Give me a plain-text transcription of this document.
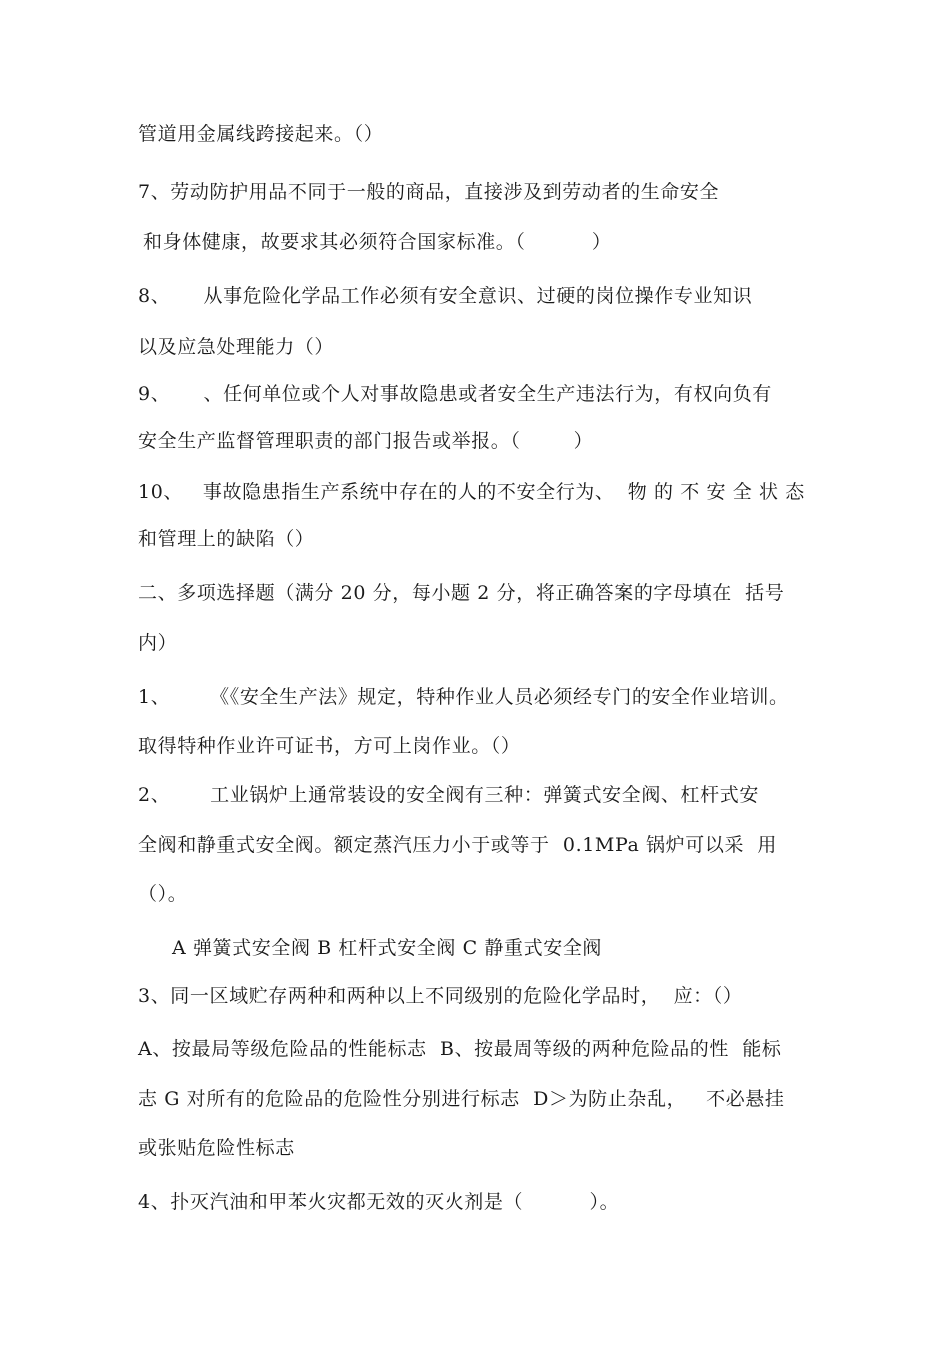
管道用金属线跨接起来。（）
7、劳动防护用品不同于一般的商品，直接涉及到劳动者的生命安全
和身体健康，故要求其必须符合国家标准。（          ）
8、     从事危险化学品工作必须有安全意识、过硬的岗位操作专业知识
以及应急处理能力（）
9、     、任何单位或个人对事故隐患或者安全生产违法行为，有权向负有
安全生产监督管理职责的部门报告或举报。（        ）
10、   事故隐患指生产系统中存在的人的不安全行为、  物 的 不 安 全 状 态
和管理上的缺陷（）
二、多项选择题（满分 20 分，每小题 2 分，将正确答案的字母填在  括号
内）
1、      《《安全生产法》规定，特种作业人员必须经专门的安全作业培训。
取得特种作业许可证书，方可上岗作业。（）
2、      工业锅炉上通常装设的安全阀有三种：弹簧式安全阀、杠杆式安
全阀和静重式安全阀。额定蒸汽压力小于或等于  0.1MPa 锅炉可以采  用
（）。
A 弹簧式安全阀 B 杠杆式安全阀 C 静重式安全阀
3、同一区域贮存两种和两种以上不同级别的危险化学品时，  应：（）
A、按最局等级危险品的性能标志  B、按最周等级的两种危险品的性  能标
志 G 对所有的危险品的危险性分别进行标志  D＞为防止杂乱，   不必悬挂
或张贴危险性标志
4、扑灭汽油和甲苯火灾都无效的灭火剂是（          ）。
